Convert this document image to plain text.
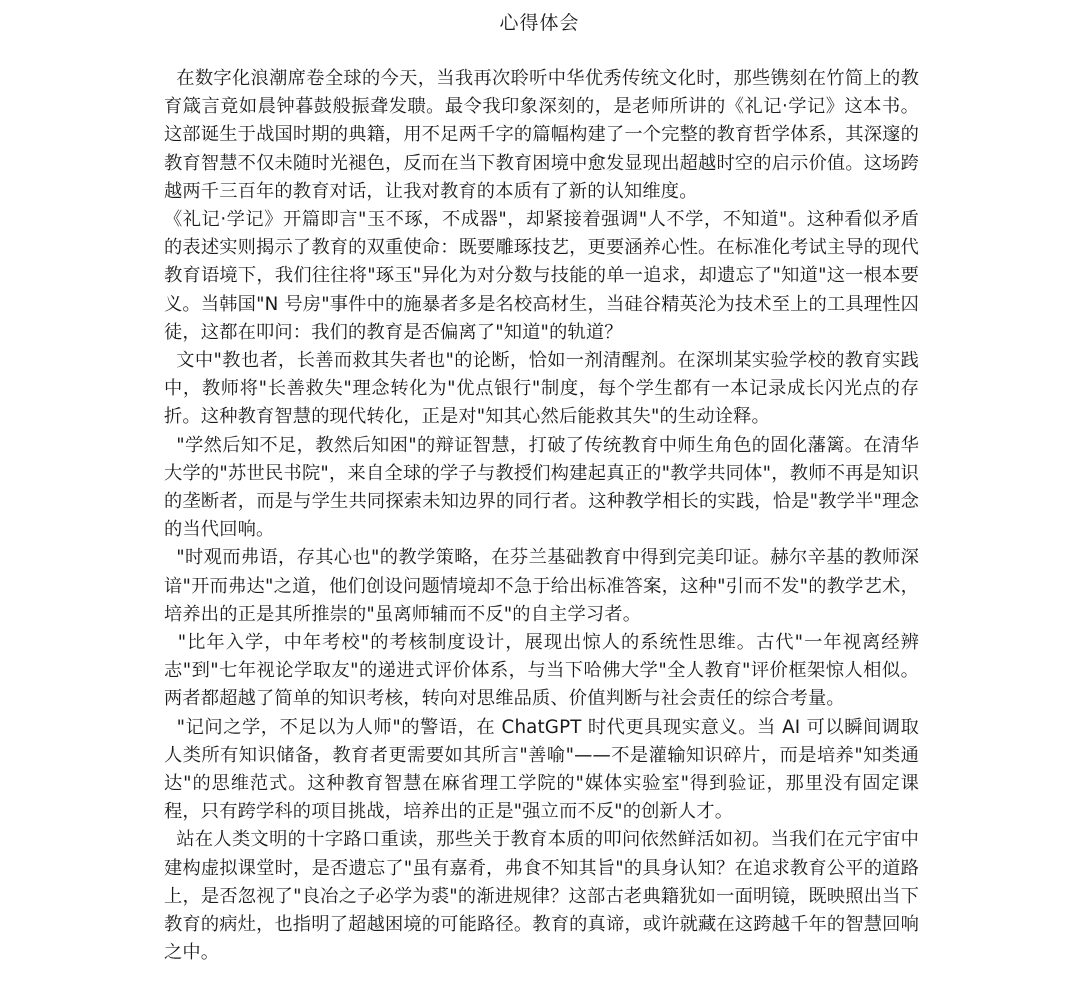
心得体会

在数字化浪潮席卷全球的今天，当我再次聆听中华优秀传统文化时，那些镌刻在竹简上的教育箴言竟如晨钟暮鼓般振聋发聩。最令我印象深刻的，是老师所讲的《礼记·学记》这本书。这部诞生于战国时期的典籍，用不足两千字的篇幅构建了一个完整的教育哲学体系，其深邃的教育智慧不仅未随时光褪色，反而在当下教育困境中愈发显现出超越时空的启示价值。这场跨越两千三百年的教育对话，让我对教育的本质有了新的认知维度。

《礼记·学记》开篇即言"玉不琢，不成器"，却紧接着强调"人不学，不知道"。这种看似矛盾的表述实则揭示了教育的双重使命：既要雕琢技艺，更要涵养心性。在标准化考试主导的现代教育语境下，我们往往将"琢玉"异化为对分数与技能的单一追求，却遗忘了"知道"这一根本要义。当韩国"N 号房"事件中的施暴者多是名校高材生，当硅谷精英沦为技术至上的工具理性囚徒，这都在叩问：我们的教育是否偏离了"知道"的轨道？

文中"教也者，长善而救其失者也"的论断，恰如一剂清醒剂。在深圳某实验学校的教育实践中，教师将"长善救失"理念转化为"优点银行"制度，每个学生都有一本记录成长闪光点的存折。这种教育智慧的现代转化，正是对"知其心然后能救其失"的生动诠释。

"学然后知不足，教然后知困"的辩证智慧，打破了传统教育中师生角色的固化藩篱。在清华大学的"苏世民书院"，来自全球的学子与教授们构建起真正的"教学共同体"，教师不再是知识的垄断者，而是与学生共同探索未知边界的同行者。这种教学相长的实践，恰是"教学半"理念的当代回响。

"时观而弗语，存其心也"的教学策略，在芬兰基础教育中得到完美印证。赫尔辛基的教师深谙"开而弗达"之道，他们创设问题情境却不急于给出标准答案，这种"引而不发"的教学艺术，培养出的正是其所推崇的"虽离师辅而不反"的自主学习者。

"比年入学，中年考校"的考核制度设计，展现出惊人的系统性思维。古代"一年视离经辨志"到"七年视论学取友"的递进式评价体系，与当下哈佛大学"全人教育"评价框架惊人相似。两者都超越了简单的知识考核，转向对思维品质、价值判断与社会责任的综合考量。

"记问之学，不足以为人师"的警语，在 ChatGPT 时代更具现实意义。当 AI 可以瞬间调取人类所有知识储备，教育者更需要如其所言"善喻"——不是灌输知识碎片，而是培养"知类通达"的思维范式。这种教育智慧在麻省理工学院的"媒体实验室"得到验证，那里没有固定课程，只有跨学科的项目挑战，培养出的正是"强立而不反"的创新人才。

站在人类文明的十字路口重读，那些关于教育本质的叩问依然鲜活如初。当我们在元宇宙中建构虚拟课堂时，是否遗忘了"虽有嘉肴，弗食不知其旨"的具身认知？在追求教育公平的道路上，是否忽视了"良冶之子必学为裘"的渐进规律？这部古老典籍犹如一面明镜，既映照出当下教育的病灶，也指明了超越困境的可能路径。教育的真谛，或许就藏在这跨越千年的智慧回响之中。
